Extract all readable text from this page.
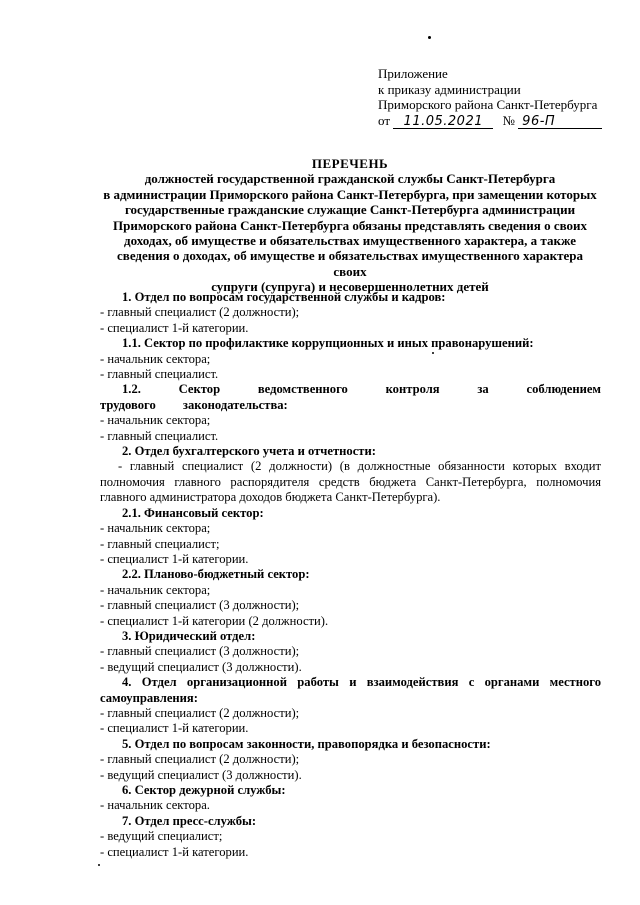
Приложение
к приказу администрации
Приморского района Санкт-Петербурга
от 11.05.2021 № 96-П
ПЕРЕЧЕНЬ
должностей государственной гражданской службы Санкт-Петербурга
в администрации Приморского района Санкт-Петербурга, при замещении которых
государственные гражданские служащие Санкт-Петербурга администрации
Приморского района Санкт-Петербурга обязаны представлять сведения о своих
доходах, об имуществе и обязательствах имущественного характера, а также
сведения о доходах, об имуществе и обязательствах имущественного характера своих
супруги (супруга) и несовершеннолетних детей
1. Отдел по вопросам государственной службы и кадров:
- главный специалист (2 должности);
- специалист 1-й категории.
1.1. Сектор по профилактике коррупционных и иных правонарушений:
- начальник сектора;
- главный специалист.
1.2. Сектор ведомственного контроля за соблюдением трудового законодательства:
- начальник сектора;
- главный специалист.
2. Отдел бухгалтерского учета и отчетности:
- главный специалист (2 должности) (в должностные обязанности которых входит полномочия главного распорядителя средств бюджета Санкт-Петербурга, полномочия главного администратора доходов бюджета Санкт-Петербурга).
2.1. Финансовый сектор:
- начальник сектора;
- главный специалист;
- специалист 1-й категории.
2.2. Планово-бюджетный сектор:
- начальник сектора;
- главный специалист (3 должности);
- специалист 1-й категории (2 должности).
3. Юридический отдел:
- главный специалист (3 должности);
- ведущий специалист (3 должности).
4. Отдел организационной работы и взаимодействия с органами местного самоуправления:
- главный специалист (2 должности);
- специалист 1-й категории.
5. Отдел по вопросам законности, правопорядка и безопасности:
- главный специалист (2 должности);
- ведущий специалист (3 должности).
6. Сектор дежурной службы:
- начальник сектора.
7. Отдел пресс-службы:
- ведущий специалист;
- специалист 1-й категории.
